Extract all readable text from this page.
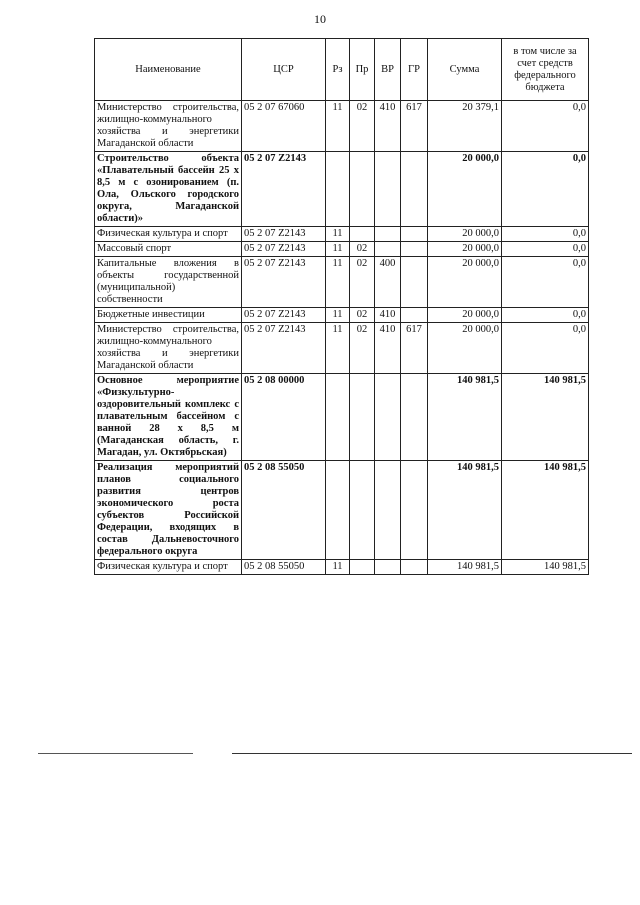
10
Наименование	ЦСР	Рз	Пр	ВР	ГР	Сумма	в том числе за счет средств федерального бюджета
Министерство строительства, жилищно-коммунального хозяйства и энергетики Магаданской области	05 2 07 67060	11	02	410	617	20 379,1	0,0
Строительство объекта «Плавательный бассейн 25 х 8,5 м с озонированием (п. Ола, Ольского городского округа, Магаданской области)»	05 2 07 Z2143					20 000,0	0,0
Физическая культура и спорт	05 2 07 Z2143	11				20 000,0	0,0
Массовый спорт	05 2 07 Z2143	11	02			20 000,0	0,0
Капитальные вложения в объекты государственной (муниципальной) собственности	05 2 07 Z2143	11	02	400		20 000,0	0,0
Бюджетные инвестиции	05 2 07 Z2143	11	02	410		20 000,0	0,0
Министерство строительства, жилищно-коммунального хозяйства и энергетики Магаданской области	05 2 07 Z2143	11	02	410	617	20 000,0	0,0
Основное мероприятие «Физкультурно-оздоровительный комплекс с плавательным бассейном с ванной 28 х 8,5 м (Магаданская область, г. Магадан, ул. Октябрьская)	05 2 08 00000					140 981,5	140 981,5
Реализация мероприятий планов социального развития центров экономического роста субъектов Российской Федерации, входящих в состав Дальневосточного федерального округа	05 2 08 55050					140 981,5	140 981,5
Физическая культура и спорт	05 2 08 55050	11				140 981,5	140 981,5
